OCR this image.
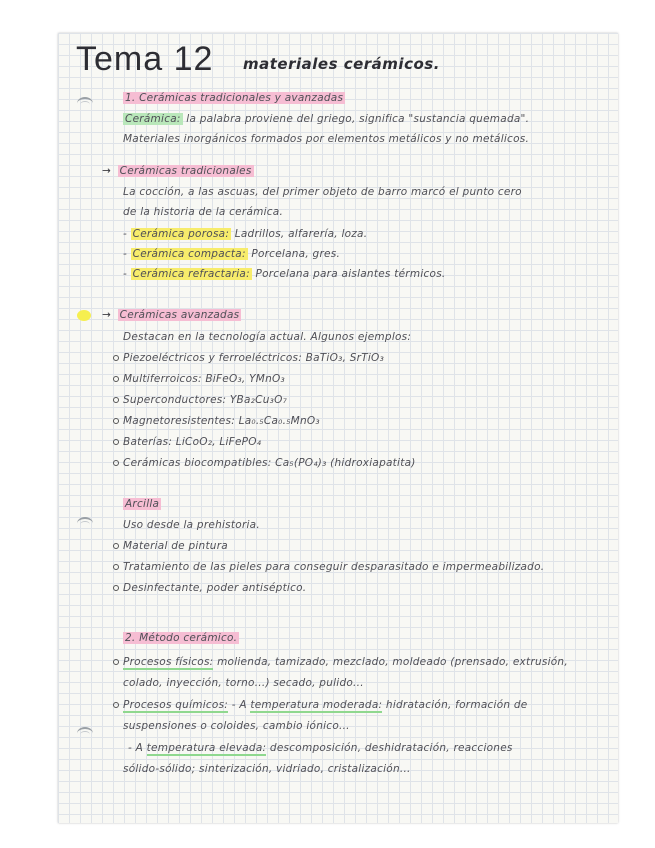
Tema 12 materiales cerámicos.
1. Cerámicas tradicionales y avanzadas
Cerámica: la palabra proviene del griego, significa "sustancia quemada".
Materiales inorgánicos formados por elementos metálicos y no metálicos.
→ Cerámicas tradicionales
La cocción, a las ascuas, del primer objeto de barro marcó el punto cero
de la historia de la cerámica.
- Cerámica porosa: Ladrillos, alfarería, loza.
- Cerámica compacta: Porcelana, gres.
- Cerámica refractaria: Porcelana para aislantes térmicos.
→ Cerámicas avanzadas
Destacan en la tecnología actual. Algunos ejemplos:
Piezoeléctricos y ferroeléctricos: BaTiO₃, SrTiO₃
Multiferroicos: BiFeO₃, YMnO₃
Superconductores: YBa₂Cu₃O₇
Magnetoresistentes: La₀.₅Ca₀.₅MnO₃
Baterías: LiCoO₂, LiFePO₄
Cerámicas biocompatibles: Ca₅(PO₄)₃ (hidroxiapatita)
Arcilla
Uso desde la prehistoria.
Material de pintura
Tratamiento de las pieles para conseguir desparasitado e impermeabilizado.
Desinfectante, poder antiséptico.
2. Método cerámico.
Procesos físicos: molienda, tamizado, mezclado, moldeado (prensado, extrusión,
colado, inyección, torno...) secado, pulido...
Procesos químicos: - A temperatura moderada: hidratación, formación de
suspensiones o coloides, cambio iónico...
- A temperatura elevada: descomposición, deshidratación, reacciones
sólido-sólido; sinterización, vidriado, cristalización...
